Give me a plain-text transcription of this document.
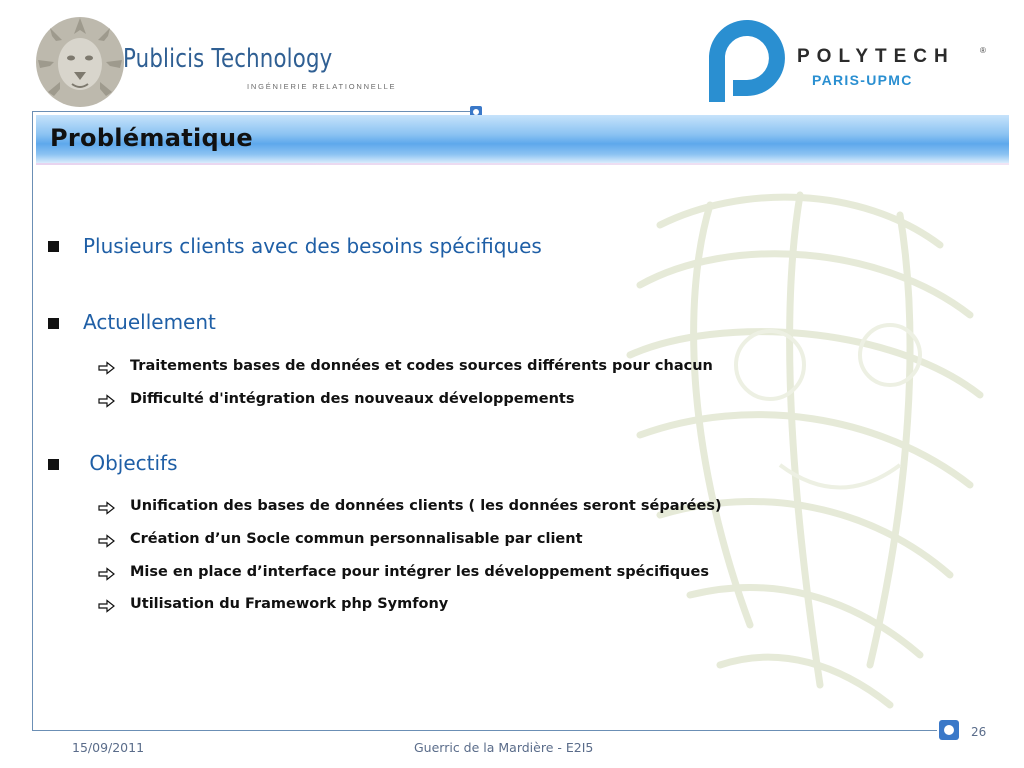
Publicis Technology
INGÉNIERIE RELATIONNELLE
POLYTECH	®
PARIS-UPMC
Problématique
Plusieurs clients avec des besoins spécifiques
Actuellement
Traitements bases de données et codes sources différents pour chacun
Difficulté d'intégration des nouveaux développements
Objectifs
Unification des bases de données clients ( les données seront séparées)
Création d’un Socle commun personnalisable par client
Mise en place d’interface pour intégrer les développement spécifiques
Utilisation du Framework php Symfony
15/09/2011	Guerric de la Mardière - E2I5
26
